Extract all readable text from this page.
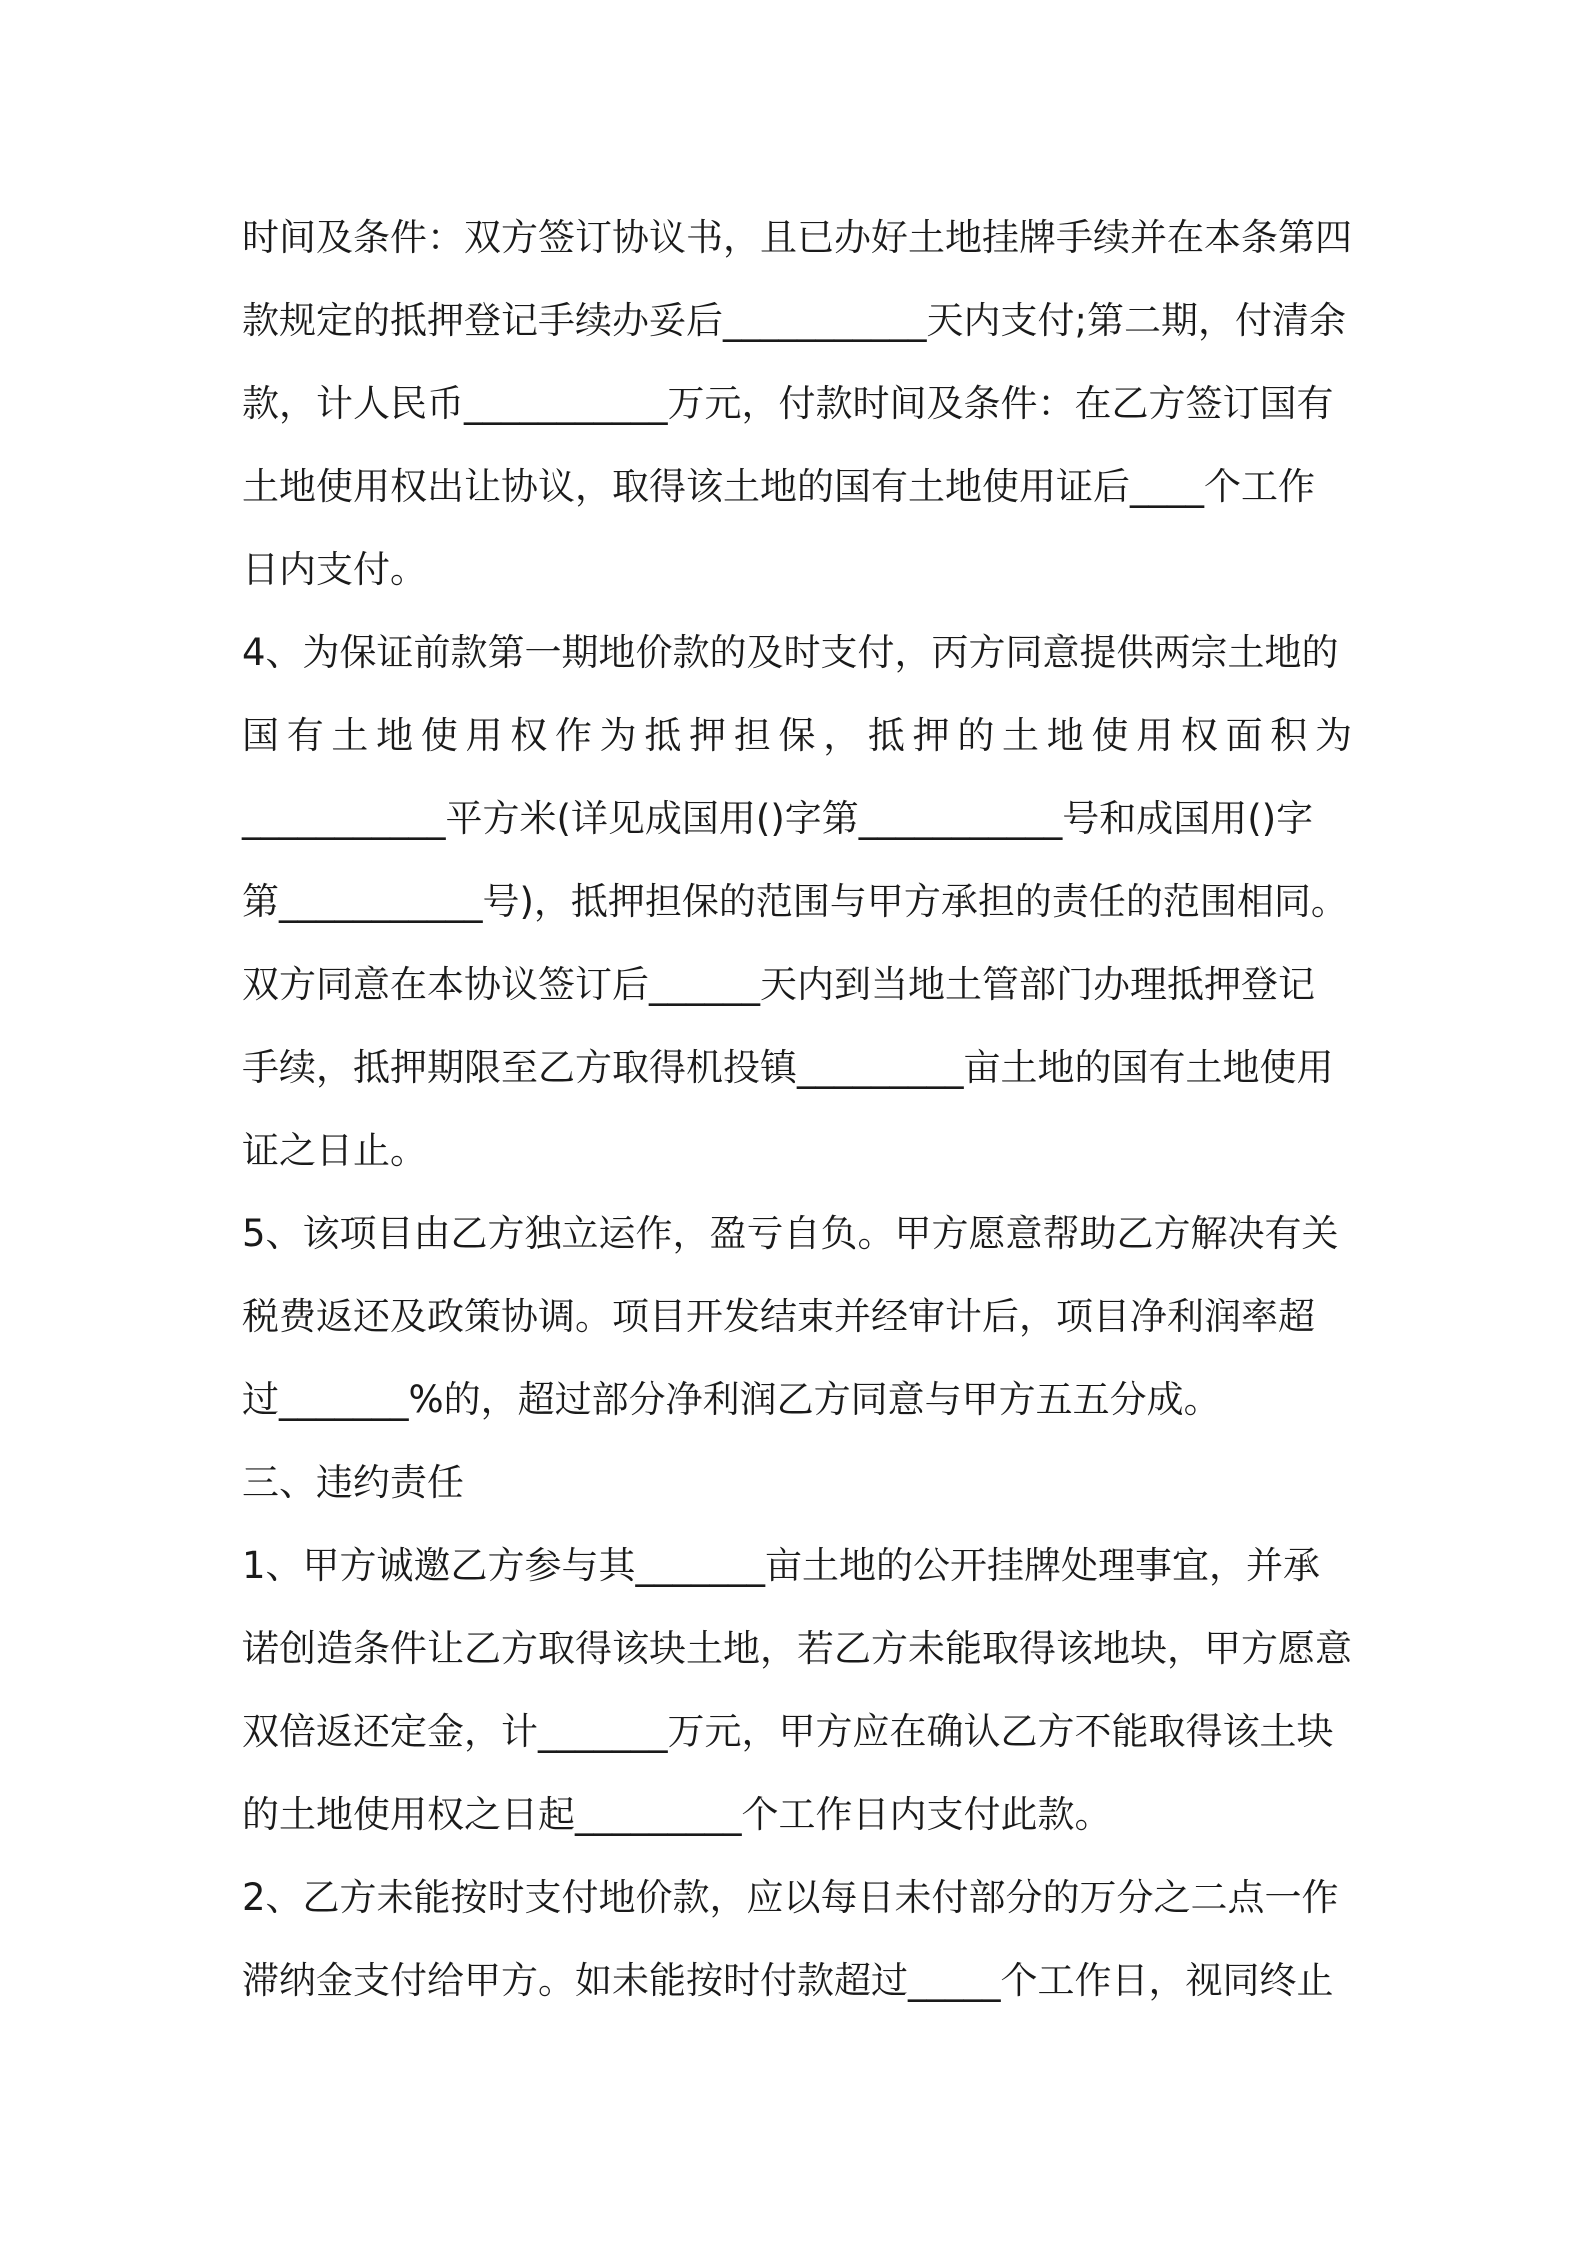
时间及条件：双方签订协议书，且已办好土地挂牌手续并在本条第四
款规定的抵押登记手续办妥后___________天内支付;第二期，付清余
款，计人民币___________万元，付款时间及条件：在乙方签订国有
土地使用权出让协议，取得该土地的国有土地使用证后____个工作
日内支付。
4、为保证前款第一期地价款的及时支付，丙方同意提供两宗土地的
国有土地使用权作为抵押担保，抵押的土地使用权面积为
___________平方米(详见成国用()字第___________号和成国用()字
第___________号)，抵押担保的范围与甲方承担的责任的范围相同。
双方同意在本协议签订后______天内到当地土管部门办理抵押登记
手续，抵押期限至乙方取得机投镇_________亩土地的国有土地使用
证之日止。
5、该项目由乙方独立运作，盈亏自负。甲方愿意帮助乙方解决有关
税费返还及政策协调。项目开发结束并经审计后，项目净利润率超
过_______%的，超过部分净利润乙方同意与甲方五五分成。
三、违约责任
1、甲方诚邀乙方参与其_______亩土地的公开挂牌处理事宜，并承
诺创造条件让乙方取得该块土地，若乙方未能取得该地块，甲方愿意
双倍返还定金，计_______万元，甲方应在确认乙方不能取得该土块
的土地使用权之日起_________个工作日内支付此款。
2、乙方未能按时支付地价款，应以每日未付部分的万分之二点一作
滞纳金支付给甲方。如未能按时付款超过_____个工作日，视同终止
